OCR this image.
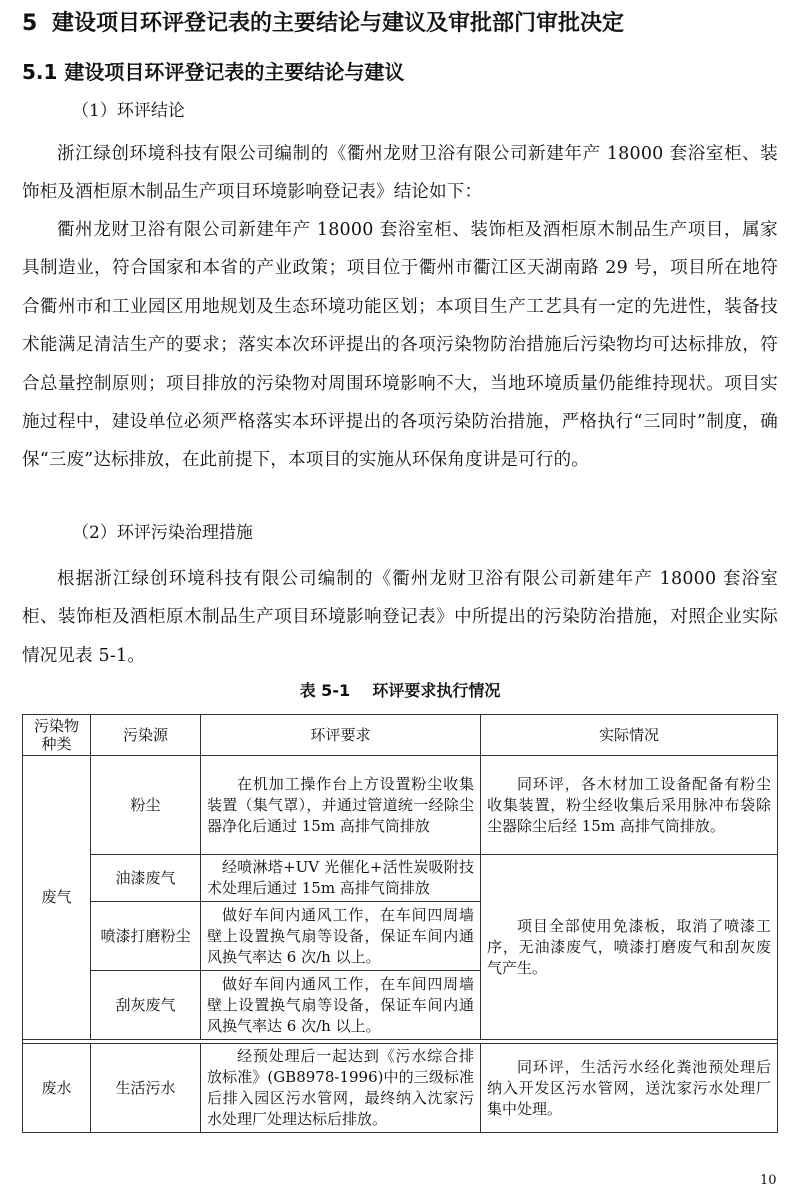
5 建设项目环评登记表的主要结论与建议及审批部门审批决定
5.1 建设项目环评登记表的主要结论与建议
（1）环评结论
浙江绿创环境科技有限公司编制的《衢州龙财卫浴有限公司新建年产 18000 套浴室柜、装饰柜及酒柜原木制品生产项目环境影响登记表》结论如下：
衢州龙财卫浴有限公司新建年产 18000 套浴室柜、装饰柜及酒柜原木制品生产项目，属家具制造业，符合国家和本省的产业政策；项目位于衢州市衢江区天湖南路 29 号，项目所在地符合衢州市和工业园区用地规划及生态环境功能区划；本项目生产工艺具有一定的先进性，装备技术能满足清洁生产的要求；落实本次环评提出的各项污染物防治措施后污染物均可达标排放，符合总量控制原则；项目排放的污染物对周围环境影响不大，当地环境质量仍能维持现状。项目实施过程中，建设单位必须严格落实本环评提出的各项污染防治措施，严格执行“三同时”制度，确保“三废”达标排放，在此前提下，本项目的实施从环保角度讲是可行的。
（2）环评污染治理措施
根据浙江绿创环境科技有限公司编制的《衢州龙财卫浴有限公司新建年产 18000 套浴室柜、装饰柜及酒柜原木制品生产项目环境影响登记表》中所提出的污染防治措施，对照企业实际情况见表 5-1。
表 5-1    环评要求执行情况
污染物种类	污染源	环评要求	实际情况
废气	粉尘	在机加工操作台上方设置粉尘收集装置（集气罩），并通过管道统一经除尘器净化后通过 15m 高排气筒排放	同环评，各木材加工设备配备有粉尘收集装置，粉尘经收集后采用脉冲布袋除尘器除尘后经 15m 高排气筒排放。
	油漆废气	经喷淋塔+UV 光催化+活性炭吸附技术处理后通过 15m 高排气筒排放	项目全部使用免漆板，取消了喷漆工序，无油漆废气，喷漆打磨废气和刮灰废气产生。
	喷漆打磨粉尘	做好车间内通风工作，在车间四周墙壁上设置换气扇等设备，保证车间内通风换气率达 6 次/h 以上。	
	刮灰废气	做好车间内通风工作，在车间四周墙壁上设置换气扇等设备，保证车间内通风换气率达 6 次/h 以上。	

废水	生活污水	经预处理后一起达到《污水综合排放标准》(GB8978-1996)中的三级标准后排入园区污水管网，最终纳入沈家污水处理厂处理达标后排放。	同环评，生活污水经化粪池预处理后纳入开发区污水管网，送沈家污水处理厂集中处理。
10
